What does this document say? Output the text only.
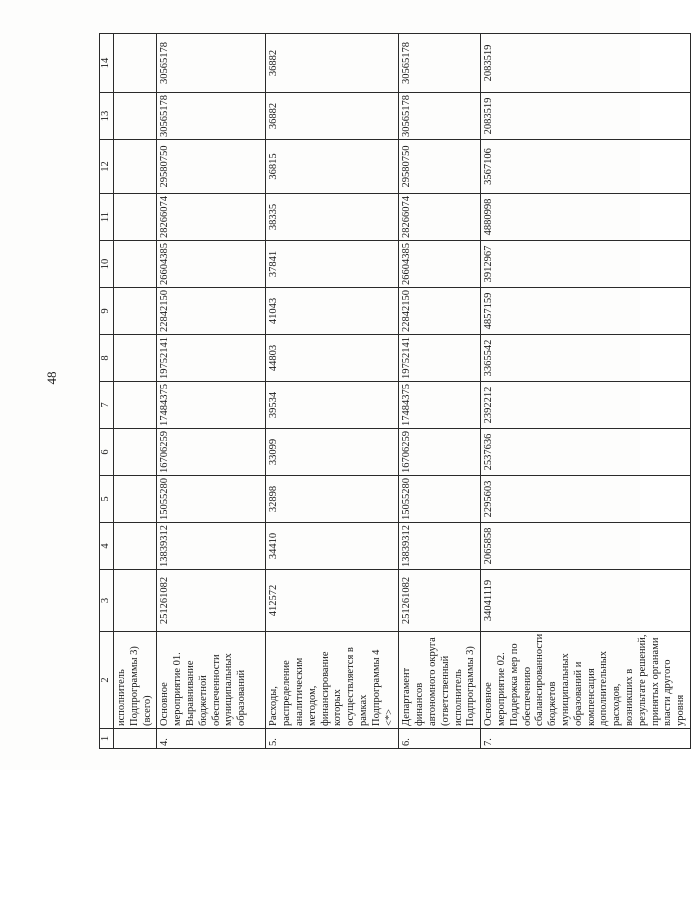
48
1	2	3	4	5	6	7	8	9	10	11	12	13	14
	исполнитель Подпрограммы 3) (всего)												
4.	Основное мероприятие 01. Выравнивание бюджетной обеспеченности муниципальных образований	251261082	13839312	15055280	16706259	17484375	19752141	22842150	26604385	28266074	29580750	30565178	30565178
5.	Расходы, распределение аналитическим методом, финансирование которых осуществляется в рамках Подпрограммы 4 <*>	412572	34410	32898	33099	39534	44803	41043	37841	38335	36815	36882	36882
6.	Департамент финансов автономного округа (ответственный исполнитель Подпрограммы 3)	251261082	13839312	15055280	16706259	17484375	19752141	22842150	26604385	28266074	29580750	30565178	30565178
7.	Основное мероприятие 02. Поддержка мер по обеспечению сбалансированности бюджетов муниципальных образований и компенсация дополнительных расходов, возникших в результате решений, принятых органами власти другого уровня	34041119	2065858	2295603	2537636	2392212	3365542	4857159	3912967	4880998	3567106	2083519	2083519
